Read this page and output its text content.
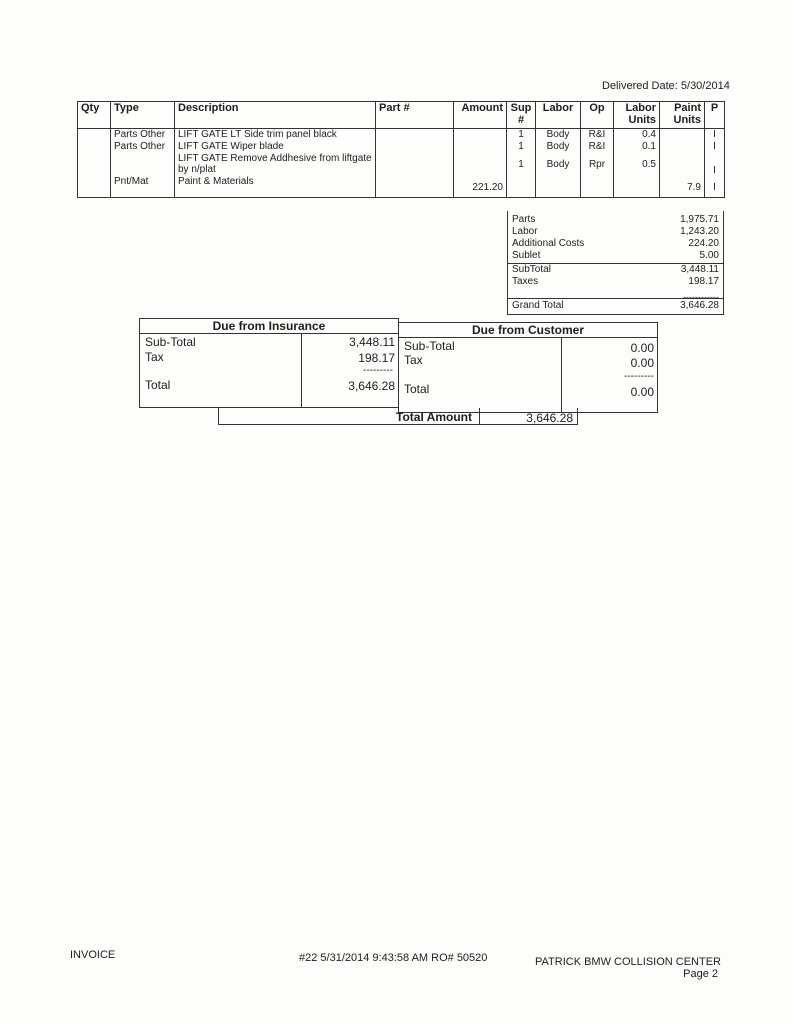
Delivered Date: 5/30/2014
Qty	Type	Description	Part #	Amount	Sup #	Labor	Op	Labor Units	Paint Units	P
	Parts Other	LIFT GATE LT Side trim panel black			1	Body	R&I	0.4		I
	Parts Other	LIFT GATE Wiper blade			1	Body	R&I	0.1		I
		LIFT GATE Remove Addhesive from liftgate by n/plat			1	Body	Rpr	0.5		I
	Pnt/Mat	Paint & Materials		221.20					7.9	I
Parts	1,975.71
Labor	1,243.20
Additional Costs	224.20
Sublet	5.00
SubTotal	3,448.11
Taxes	198.17
------------
Grand Total	3,646.28
Due from Insurance
Sub-Total	3,448.11
Tax	198.17
---------
Total	3,646.28
Due from Customer
Sub-Total	0.00
Tax	0.00
---------
Total	0.00
Total Amount	3,646.28
INVOICE	#22 5/31/2014 9:43:58 AM RO# 50520	PATRICK BMW COLLISION CENTER
Page 2
